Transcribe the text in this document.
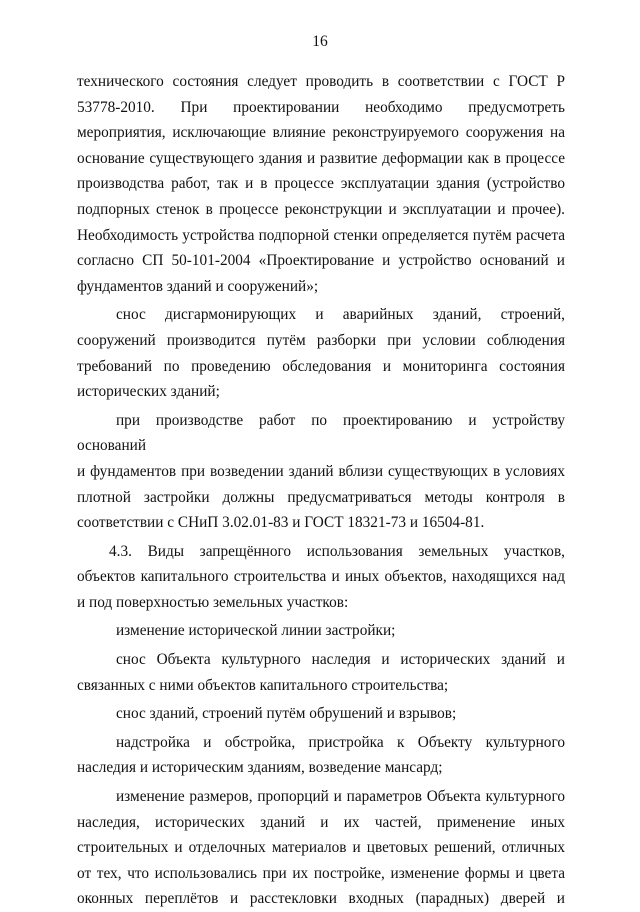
16

технического состояния следует проводить в соответствии с ГОСТ Р 53778-2010. При проектировании необходимо предусмотреть мероприятия, исключающие влияние реконструируемого сооружения на основание существующего здания и развитие деформации как в процессе производства работ, так и в процессе эксплуатации здания (устройство подпорных стенок в процессе реконструкции и эксплуатации и прочее). Необходимость устройства подпорной стенки определяется путём расчета согласно СП 50-101-2004 «Проектирование и устройство оснований и фундаментов зданий и сооружений»;

снос дисгармонирующих и аварийных зданий, строений, сооружений производится путём разборки при условии соблюдения требований по проведению обследования и мониторинга состояния исторических зданий;

при производстве работ по проектированию и устройству оснований

и фундаментов при возведении зданий вблизи существующих в условиях плотной застройки должны предусматриваться методы контроля в соответствии с СНиП 3.02.01-83 и ГОСТ 18321-73 и 16504-81.

4.3. Виды запрещённого использования земельных участков, объектов капитального строительства и иных объектов, находящихся над и под поверхностью земельных участков:

изменение исторической линии застройки;

снос Объекта культурного наследия и исторических зданий и связанных с ними объектов капитального строительства;

снос зданий, строений путём обрушений и взрывов;

надстройка и обстройка, пристройка к Объекту культурного наследия и историческим зданиям, возведение мансард;

изменение размеров, пропорций и параметров Объекта культурного наследия, исторических зданий и их частей, применение иных строительных и отделочных материалов и цветовых решений, отличных от тех, что использовались при их постройке, изменение формы и цвета оконных переплётов и расстекловки входных (парадных) дверей и
